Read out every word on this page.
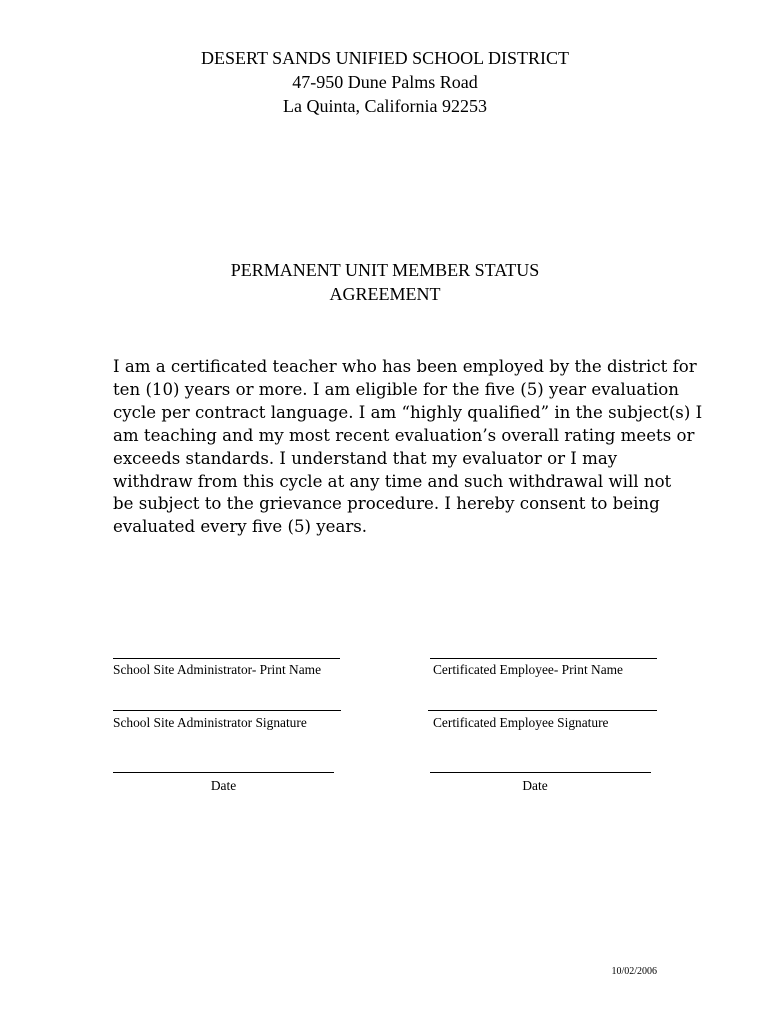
DESERT SANDS UNIFIED SCHOOL DISTRICT
47-950 Dune Palms Road
La Quinta, California 92253
PERMANENT UNIT MEMBER STATUS
AGREEMENT
I am a certificated teacher who has been employed by the district for
ten (10) years or more. I am eligible for the five (5) year evaluation
cycle per contract language. I am “highly qualified” in the subject(s) I
am teaching and my most recent evaluation’s overall rating meets or
exceeds standards. I understand that my evaluator or I may
withdraw from this cycle at any time and such withdrawal will not
be subject to the grievance procedure. I hereby consent to being
evaluated every five (5) years.
School Site Administrator- Print Name	Certificated Employee- Print Name
School Site Administrator Signature	Certificated Employee Signature
Date	Date
10/02/2006
